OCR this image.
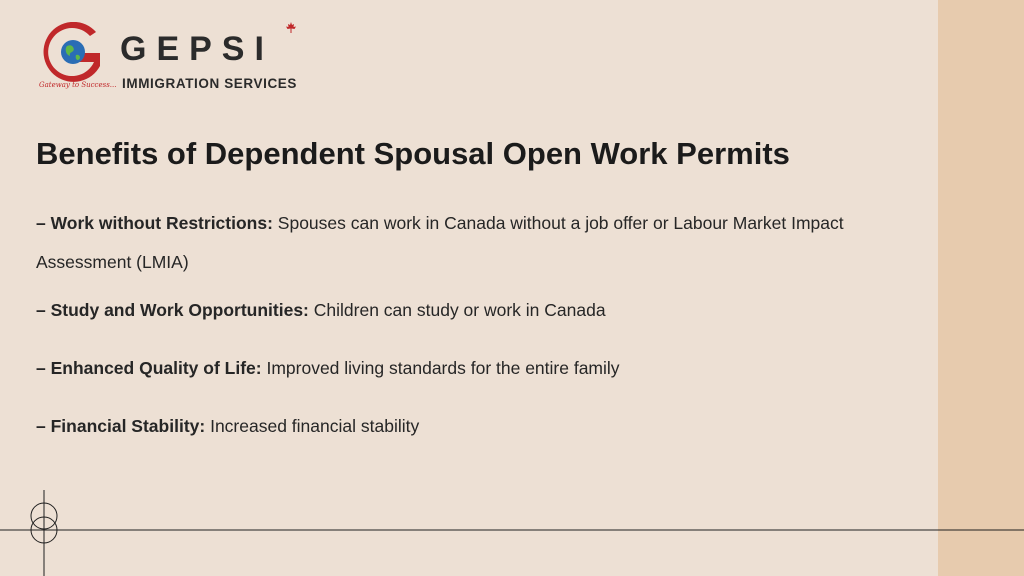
Gateway to Success...
GEPSI
IMMIGRATION SERVICES
Benefits of Dependent Spousal Open Work Permits
– Work without Restrictions: Spouses can work in Canada without a job offer or Labour Market Impact Assessment (LMIA)
– Study and Work Opportunities: Children can study or work in Canada
– Enhanced Quality of Life: Improved living standards for the entire family
– Financial Stability: Increased financial stability
